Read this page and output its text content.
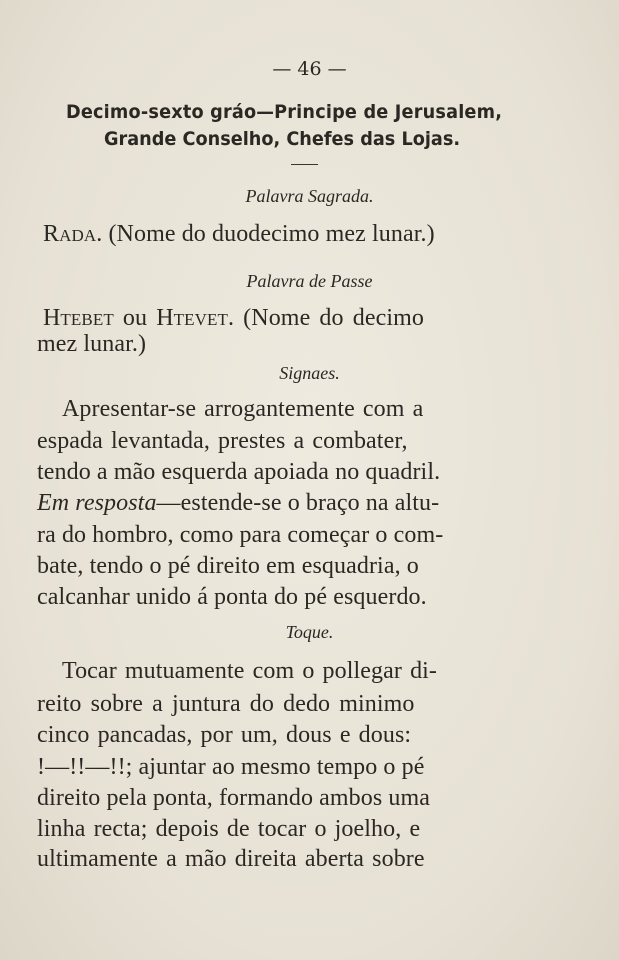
— 46 —
Decimo-sexto gráo—Principe de Jerusalem,
Grande Conselho, Chefes das Lojas.
Palavra Sagrada.
Rada. (Nome do duodecimo mez lunar.)
Palavra de Passe
Htebet ou Htevet. (Nome do decimo
mez lunar.)
Signaes.
Apresentar-se arrogantemente com a
espada levantada, prestes a combater,
tendo a mão esquerda apoiada no quadril.
Em resposta—estende-se o braço na altu-
ra do hombro, como para começar o com-
bate, tendo o pé direito em esquadria, o
calcanhar unido á ponta do pé esquerdo.
Toque.
Tocar mutuamente com o pollegar di-
reito sobre a juntura do dedo minimo
cinco pancadas, por um, dous e dous:
!—!!—!!; ajuntar ao mesmo tempo o pé
direito pela ponta, formando ambos uma
linha recta; depois de tocar o joelho, e
ultimamente a mão direita aberta sobre
